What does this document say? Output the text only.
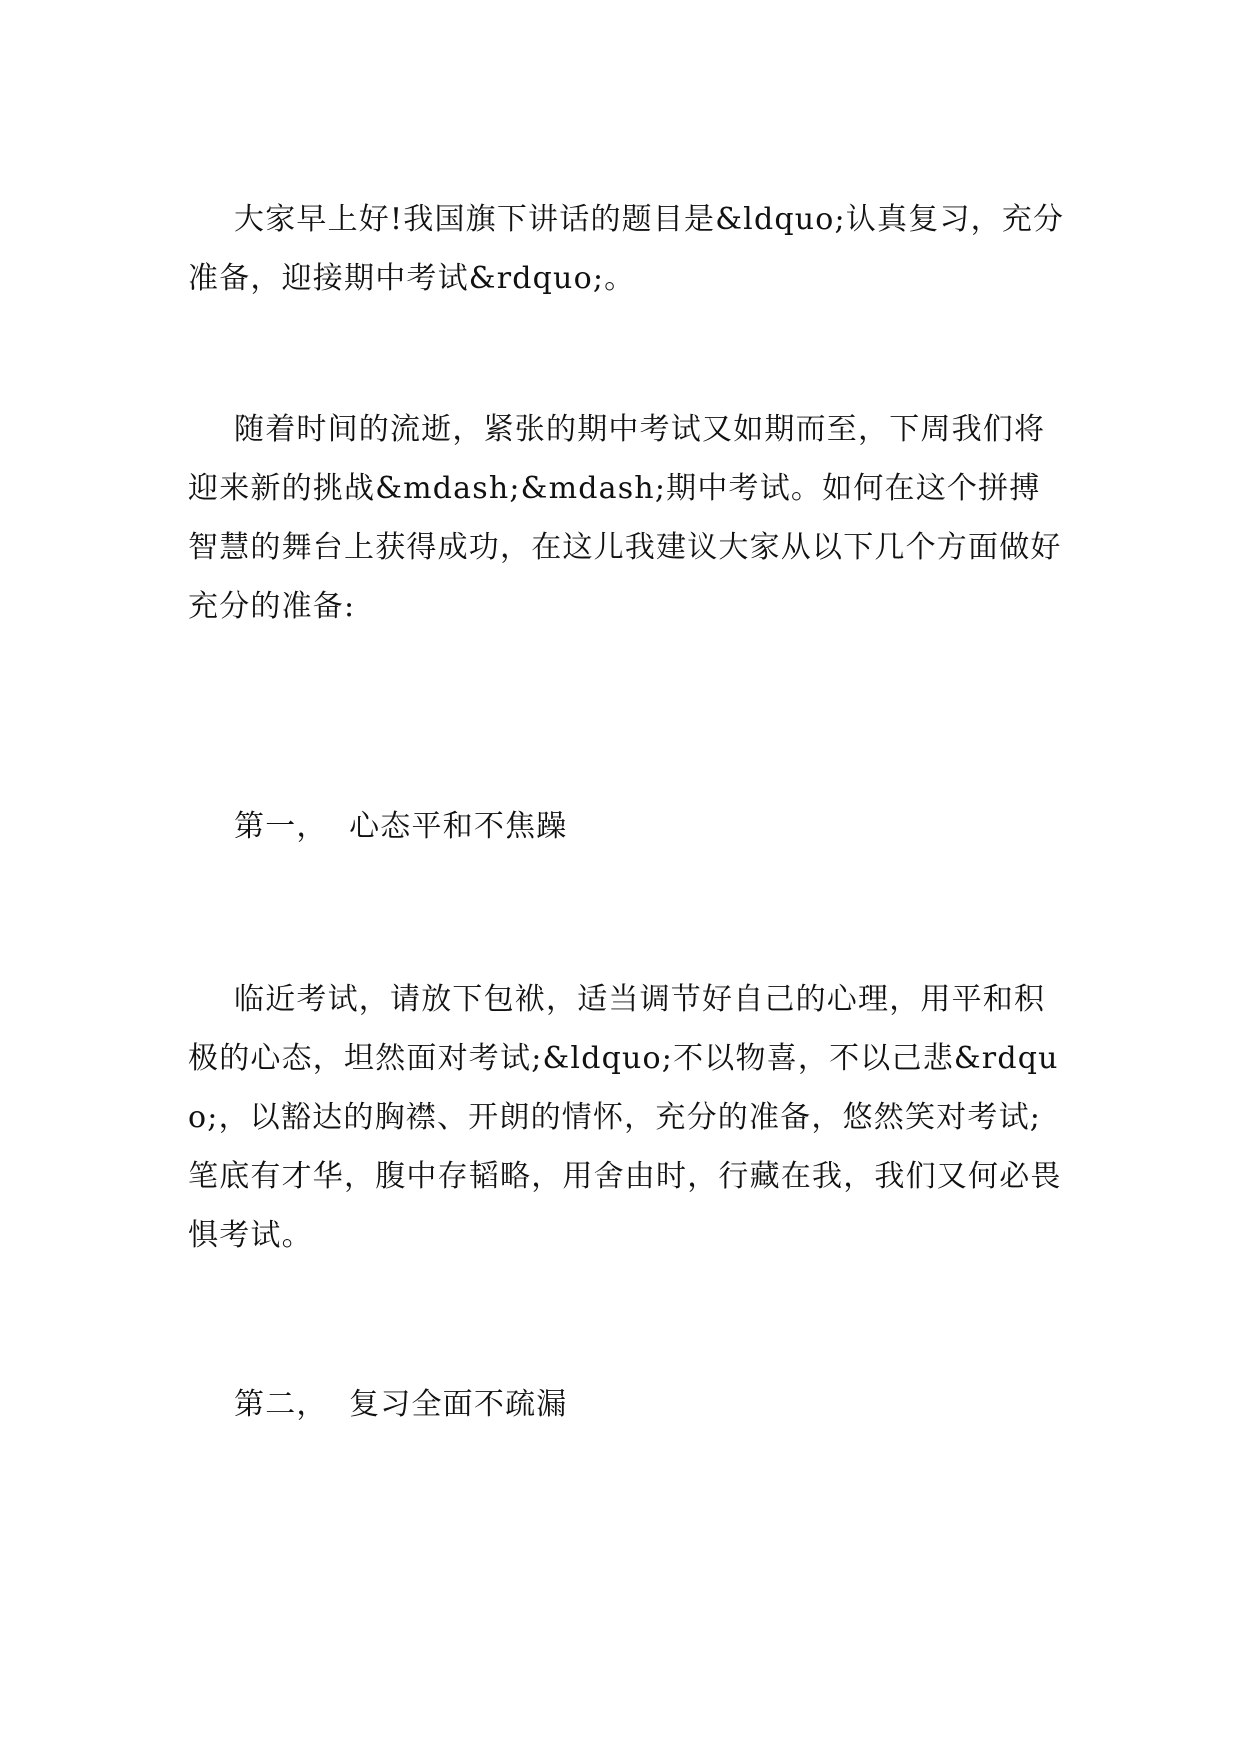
大家早上好!我国旗下讲话的题目是&ldquo;认真复习，充分准备，迎接期中考试&rdquo;。

随着时间的流逝，紧张的期中考试又如期而至，下周我们将迎来新的挑战&mdash;&mdash;期中考试。如何在这个拼搏智慧的舞台上获得成功，在这儿我建议大家从以下几个方面做好充分的准备:

第一，  心态平和不焦躁

临近考试，请放下包袱，适当调节好自己的心理，用平和积极的心态，坦然面对考试;&ldquo;不以物喜，不以己悲&rdquo;，以豁达的胸襟、开朗的情怀，充分的准备，悠然笑对考试;笔底有才华，腹中存韬略，用舍由时，行藏在我，我们又何必畏惧考试。

第二，  复习全面不疏漏
